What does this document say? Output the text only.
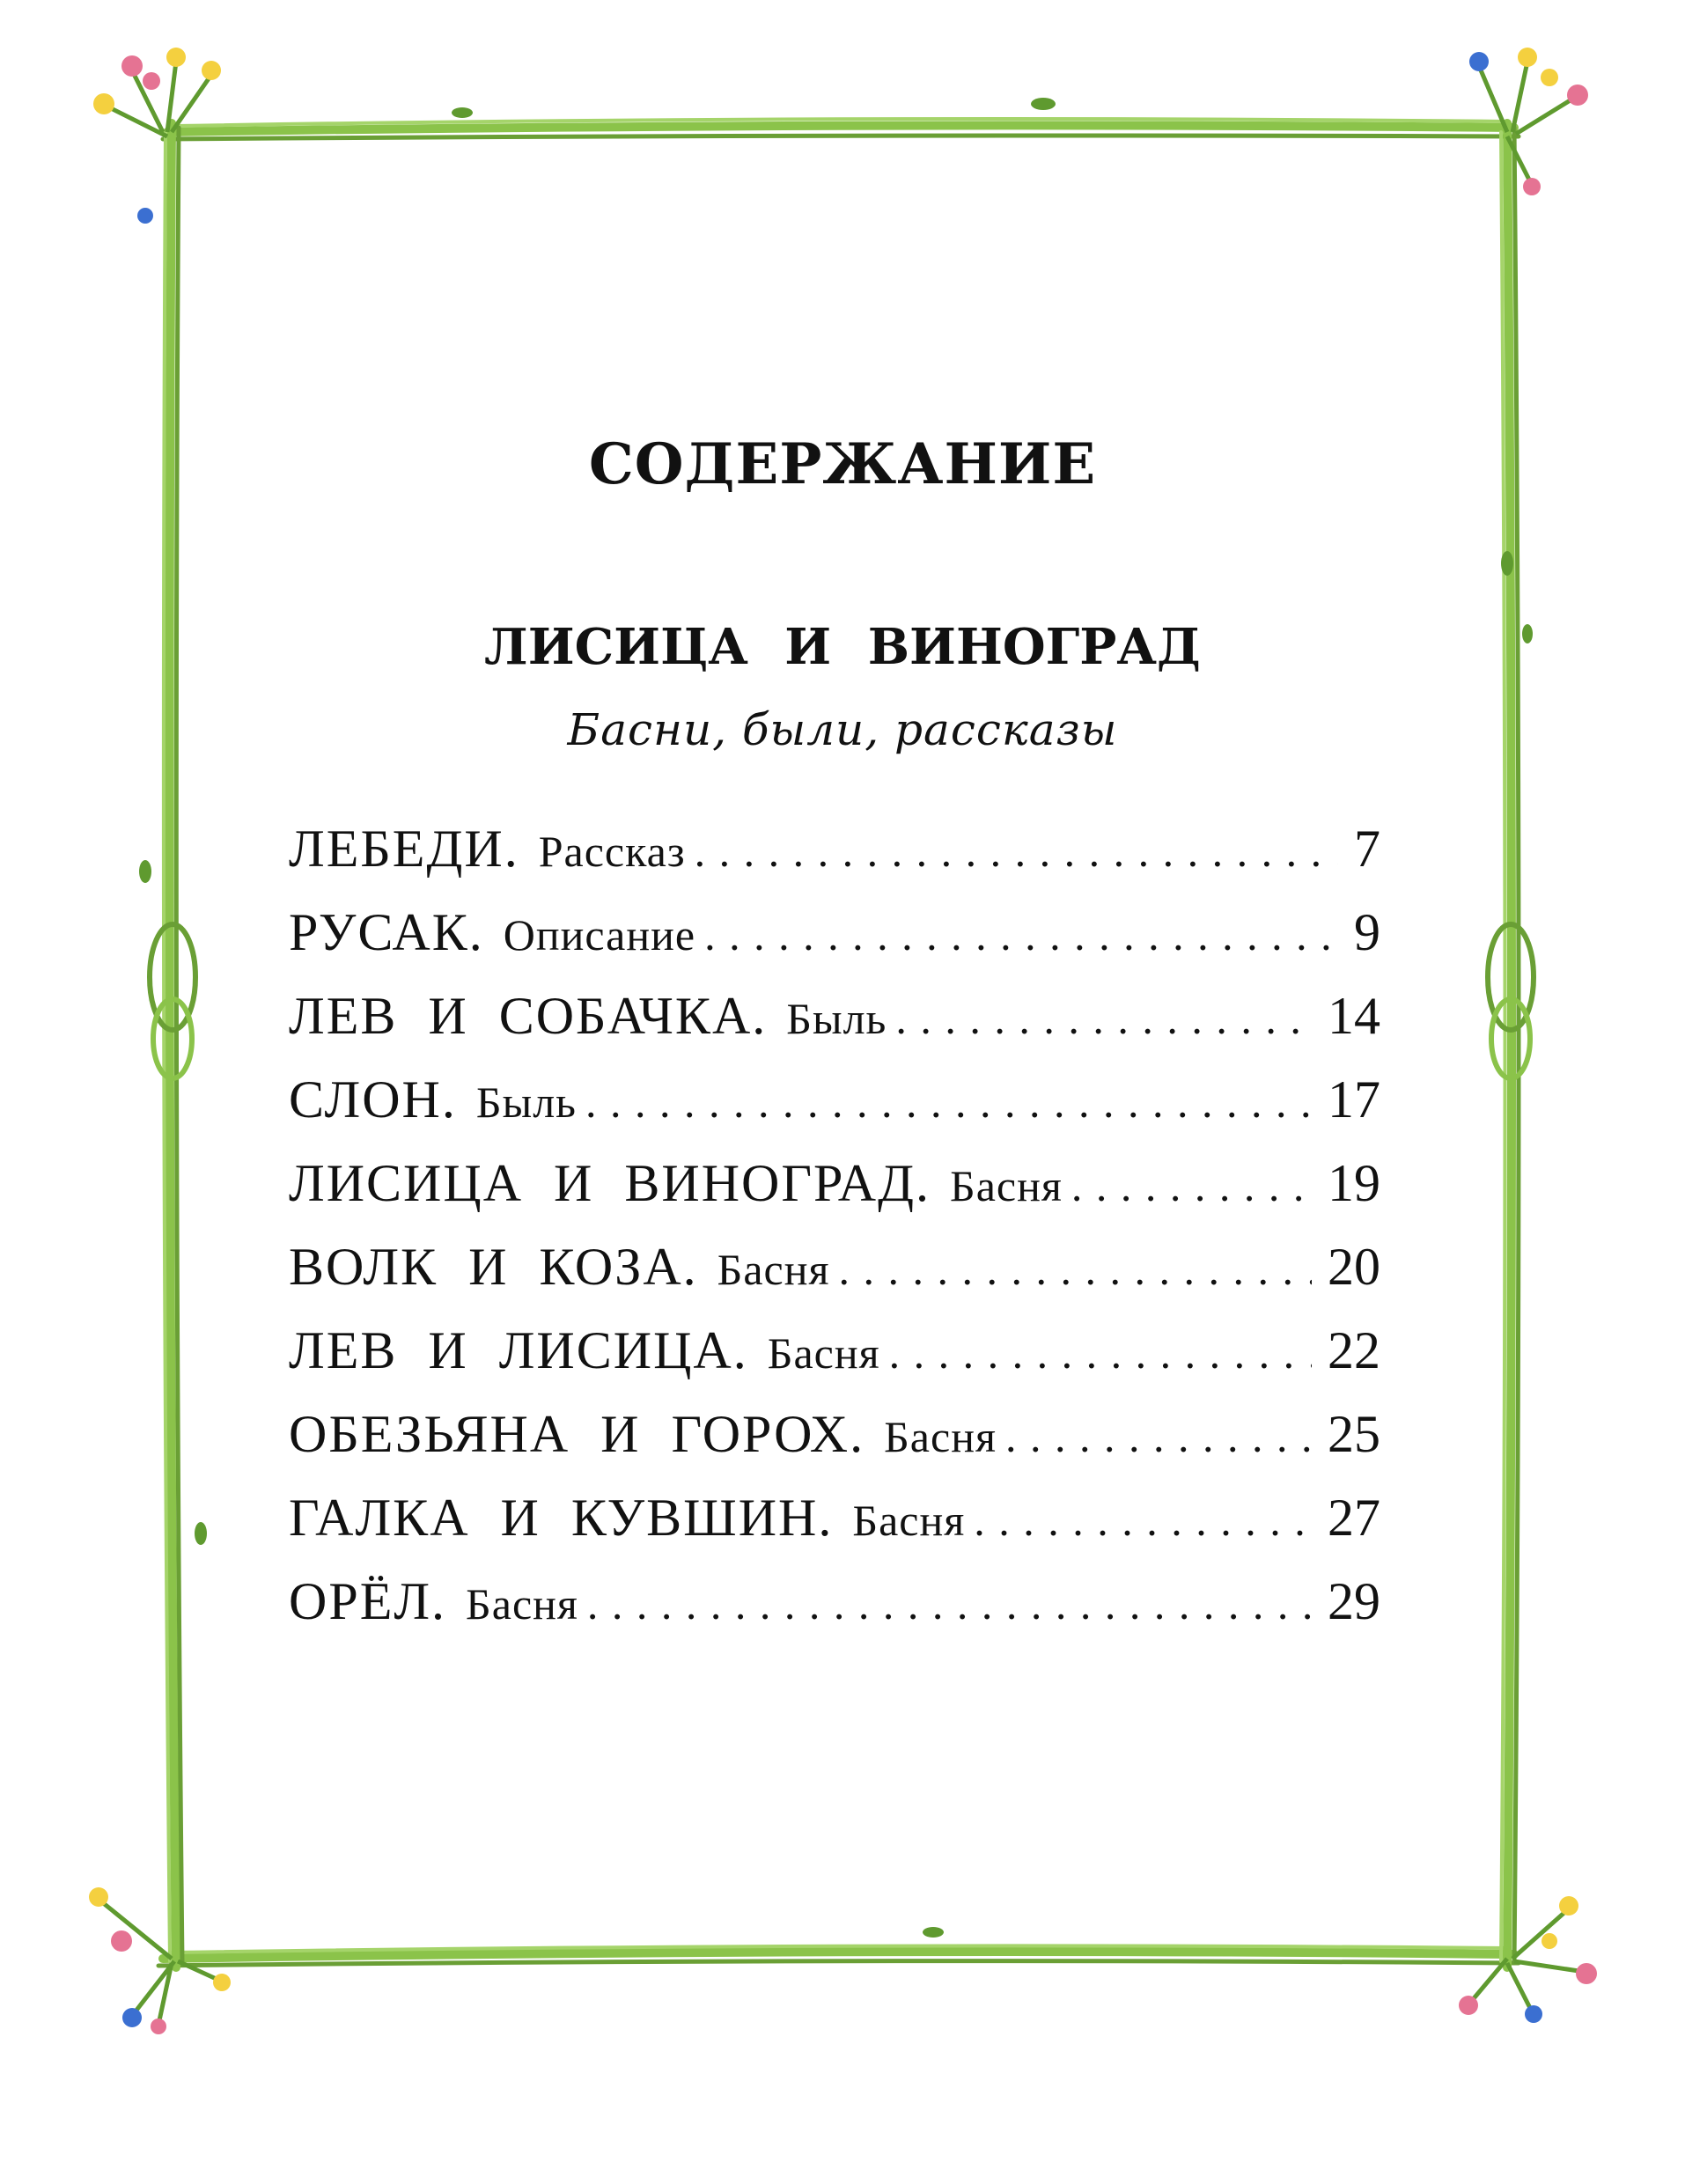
СОДЕРЖАНИЕ
ЛИСИЦА И ВИНОГРАД

Басни, были, рассказы

ЛЕБЕДИ. Рассказ . . .	7
РУСАК. Описание . . .	9
ЛЕВ И СОБАЧКА. Быль . . .	14
СЛОН. Быль . . .	17
ЛИСИЦА И ВИНОГРАД. Басня . . .	19
ВОЛК И КОЗА. Басня . . .	20
ЛЕВ И ЛИСИЦА. Басня . . .	22
ОБЕЗЬЯНА И ГОРОХ. Басня . . .	25
ГАЛКА И КУВШИН. Басня . . .	27
ОРЁЛ. Басня . . .	29
